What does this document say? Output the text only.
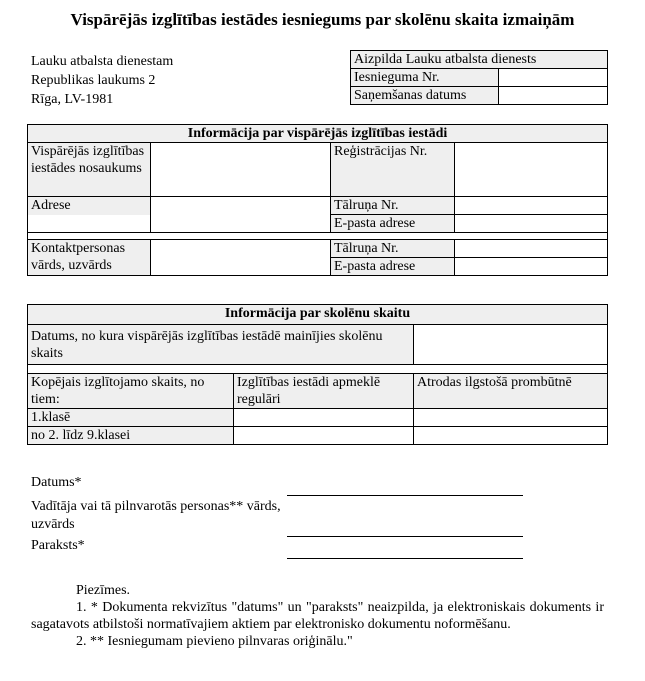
Vispārējās izglītības iestādes iesniegums par skolēnu skaita izmaiņām
Lauku atbalsta dienestam
Republikas laukums 2
Rīga, LV-1981
Aizpilda Lauku atbalsta dienests	
Iesnieguma Nr.	
Saņemšanas datums	
Informācija par vispārējās izglītības iestādi			
Vispārējās izglītības iestādes nosaukums		Reģistrācijas Nr.	

Adrese		Tālruņa Nr.	
		E-pasta adrese	

Kontaktpersonas vārds, uzvārds		Tālruņa Nr.	
		E-pasta adrese	
Informācija par skolēnu skaitu		
Datums, no kura vispārējās izglītības iestādē mainījies skolēnu skaits		

Kopējais izglītojamo skaits, no tiem:	Izglītības iestādi apmeklē regulāri	Atrodas ilgstošā prombūtnē
1.klasē		
no 2. līdz 9.klasei		
Datums*
Vadītāja vai tā pilnvarotās personas** vārds, uzvārds
Paraksts*
Piezīmes.
1. * Dokumenta rekvizītus "datums" un "paraksts" neaizpilda, ja elektroniskais dokuments ir sagatavots atbilstoši normatīvajiem aktiem par elektronisko dokumentu noformēšanu.
2. ** Iesniegumam pievieno pilnvaras oriģinālu."
